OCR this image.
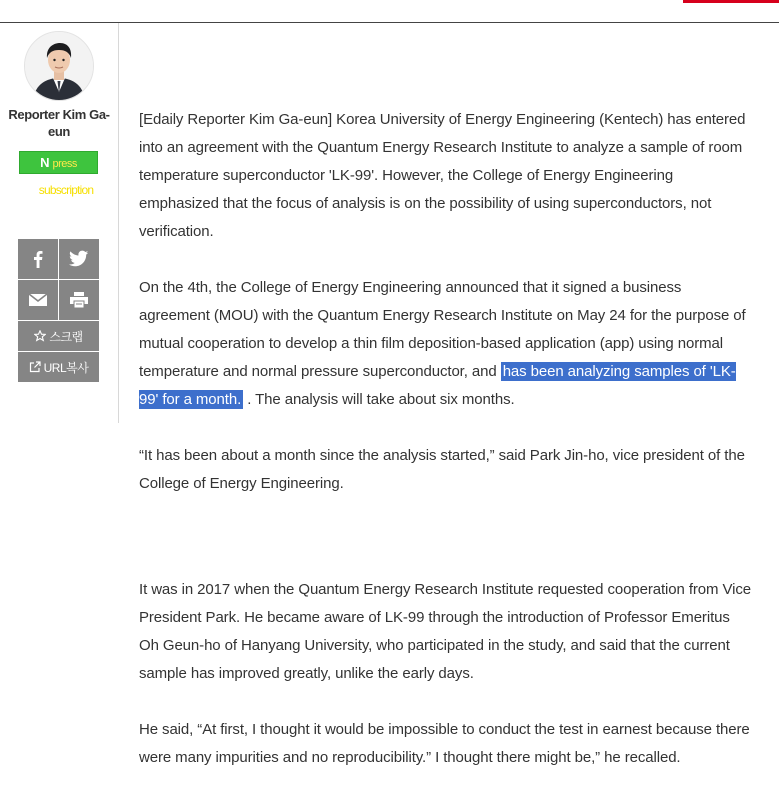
Reporter Kim Ga-eun
N press
subscription
스크랩
URL복사

[Edaily Reporter Kim Ga-eun] Korea University of Energy Engineering (Kentech) has entered into an agreement with the Quantum Energy Research Institute to analyze a sample of room temperature superconductor 'LK-99'. However, the College of Energy Engineering emphasized that the focus of analysis is on the possibility of using superconductors, not verification.

On the 4th, the College of Energy Engineering announced that it signed a business agreement (MOU) with the Quantum Energy Research Institute on May 24 for the purpose of mutual cooperation to develop a thin film deposition-based application (app) using normal temperature and normal pressure superconductor, and has been analyzing samples of 'LK-99' for a month. . The analysis will take about six months.

“It has been about a month since the analysis started,” said Park Jin-ho, vice president of the College of Energy Engineering.

It was in 2017 when the Quantum Energy Research Institute requested cooperation from Vice President Park. He became aware of LK-99 through the introduction of Professor Emeritus Oh Geun-ho of Hanyang University, who participated in the study, and said that the current sample has improved greatly, unlike the early days.

He said, “At first, I thought it would be impossible to conduct the test in earnest because there were many impurities and no reproducibility.” I thought there might be,” he recalled.
